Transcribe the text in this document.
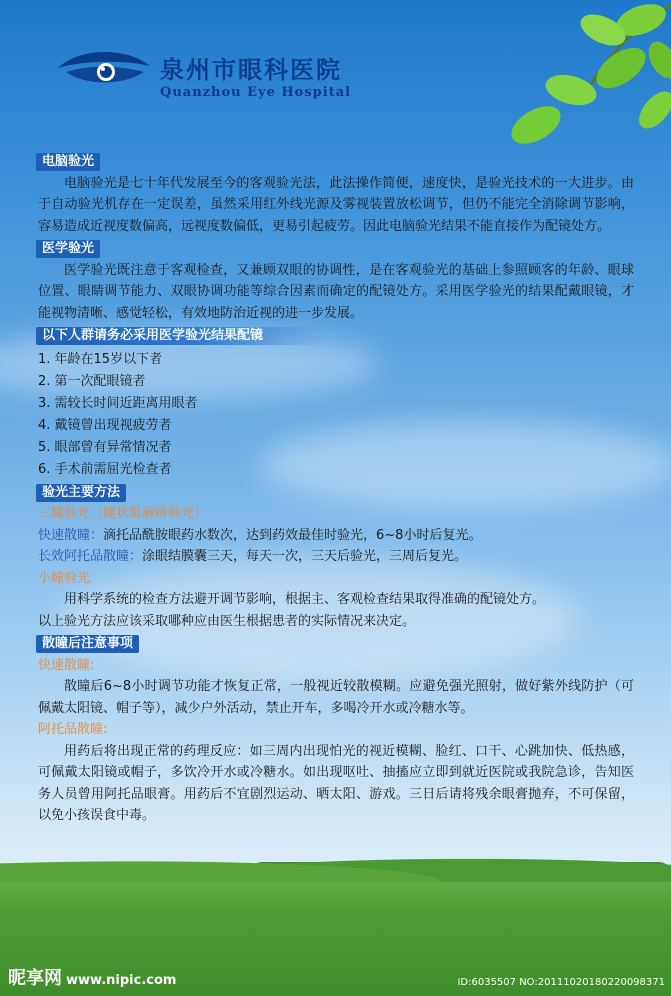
泉州市眼科医院
Quanzhou Eye Hospital
电脑验光

电脑验光是七十年代发展至今的客观验光法，此法操作简便，速度快，是验光技术的一大进步。由于自动验光机存在一定误差，虽然采用红外线光源及雾视装置放松调节，但仍不能完全消除调节影响，容易造成近视度数偏高，远视度数偏低，更易引起疲劳。因此电脑验光结果不能直接作为配镜处方。

医学验光

医学验光既注意于客观检查，又兼顾双眼的协调性，是在客观验光的基础上参照顾客的年龄、眼球位置、眼睛调节能力、双眼协调功能等综合因素而确定的配镜处方。采用医学验光的结果配戴眼镜，才能视物清晰、感觉轻松，有效地防治近视的进一步发展。

以下人群请务必采用医学验光结果配镜
1. 年龄在15岁以下者
2. 第一次配眼镜者
3. 需较长时间近距离用眼者
4. 戴镜曾出现视疲劳者
5. 眼部曾有异常情况者
6. 手术前需屈光检查者
验光主要方法

三瞳验光（睫状肌麻痹验光）

快速散瞳：滴托品酰胺眼药水数次，达到药效最佳时验光，6~8小时后复光。

长效阿托品散瞳：涂眼结膜囊三天，每天一次，三天后验光，三周后复光。

小瞳验光

用科学系统的检查方法避开调节影响，根据主、客观检查结果取得准确的配镜处方。

以上验光方法应该采取哪种应由医生根据患者的实际情况来决定。

散瞳后注意事项

快速散瞳:

散瞳后6~8小时调节功能才恢复正常，一般视近较散模糊。应避免强光照射，做好紫外线防护（可佩戴太阳镜、帽子等），减少户外活动，禁止开车，多喝冷开水或冷糖水等。

阿托品散瞳:

用药后将出现正常的药理反应：如三周内出现怕光的视近模糊、脸红、口干、心跳加快、低热感，可佩戴太阳镜或帽子，多饮冷开水或冷糖水。如出现呕吐、抽搐应立即到就近医院或我院急诊，告知医务人员曾用阿托品眼膏。用药后不宜剧烈运动、晒太阳、游戏。三日后请将残余眼膏抛弃，不可保留，以免小孩误食中毒。

昵享网 www.nipic.com	ID:6035507 NO:20111020180220098371
